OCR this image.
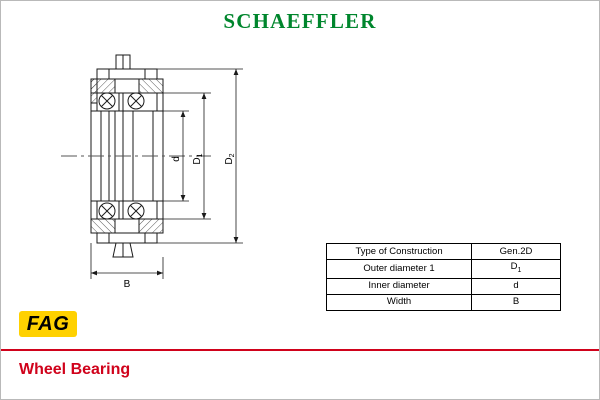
SCHAEFFLER
d $D_1$
$D_2$
B
Type of Construction	Gen.2D
Outer diameter 1	$D_1$
Inner diameter	d
Width	B
FAG
Wheel Bearing
